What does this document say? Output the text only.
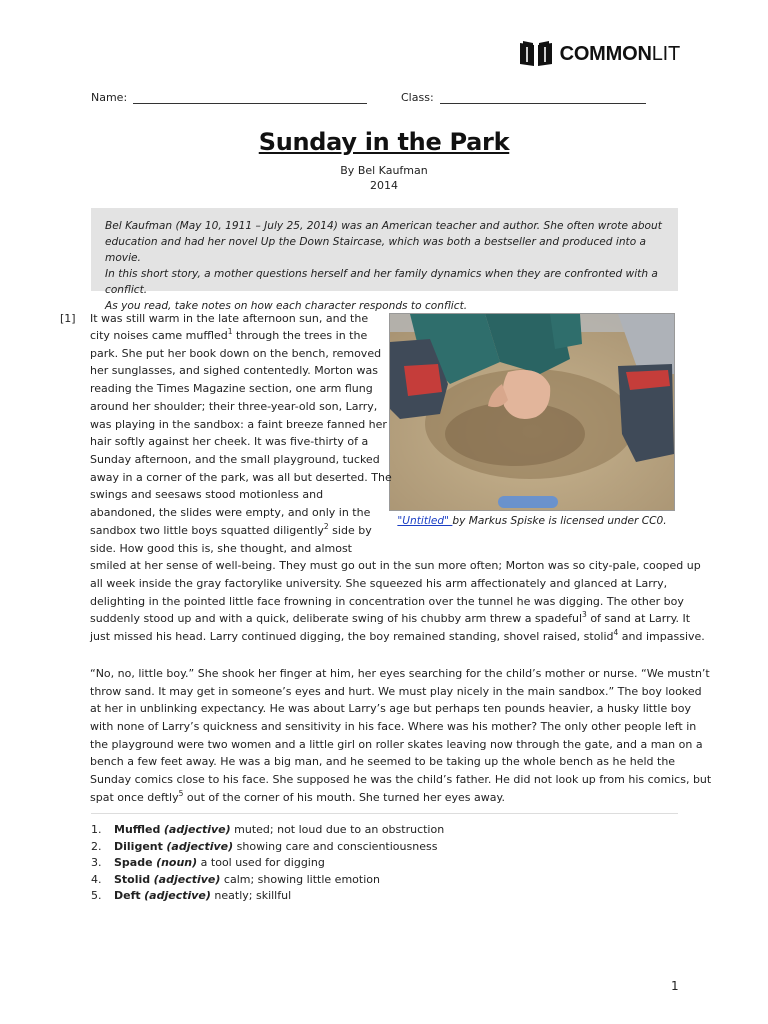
COMMONLIT
Name:	Class:
Sunday in the Park
By Bel Kaufman
2014
Bel Kaufman (May 10, 1911 – July 25, 2014) was an American teacher and author. She often wrote about
education and had her novel Up the Down Staircase, which was both a bestseller and produced into a movie.
In this short story, a mother questions herself and her family dynamics when they are confronted with a conflict.
As you read, take notes on how each character responds to conflict.
[1]
"Untitled" by Markus Spiske is licensed under CC0.
It was still warm in the late afternoon sun, and the
city noises came muffled$^1$ through the trees in the
park. She put her book down on the bench, removed
her sunglasses, and sighed contentedly. Morton was
reading the Times Magazine section, one arm flung
around her shoulder; their three-year-old son, Larry,
was playing in the sandbox: a faint breeze fanned her
hair softly against her cheek. It was five-thirty of a
Sunday afternoon, and the small playground, tucked
away in a corner of the park, was all but deserted. The
swings and seesaws stood motionless and
abandoned, the slides were empty, and only in the
sandbox two little boys squatted diligently$^2$ side by
side. How good this is, she thought, and almost
smiled at her sense of well-being. They must go out in the sun more often; Morton was so city-pale, cooped up
all week inside the gray factorylike university. She squeezed his arm affectionately and glanced at Larry,
delighting in the pointed little face frowning in concentration over the tunnel he was digging. The other boy
suddenly stood up and with a quick, deliberate swing of his chubby arm threw a spadeful$^3$ of sand at Larry. It
just missed his head. Larry continued digging, the boy remained standing, shovel raised, stolid$^4$ and impassive.
“No, no, little boy.” She shook her finger at him, her eyes searching for the child’s mother or nurse. “We mustn’t
throw sand. It may get in someone’s eyes and hurt. We must play nicely in the main sandbox.” The boy looked
at her in unblinking expectancy. He was about Larry’s age but perhaps ten pounds heavier, a husky little boy
with none of Larry’s quickness and sensitivity in his face. Where was his mother? The only other people left in
the playground were two women and a little girl on roller skates leaving now through the gate, and a man on a
bench a few feet away. He was a big man, and he seemed to be taking up the whole bench as he held the
Sunday comics close to his face. She supposed he was the child’s father. He did not look up from his comics, but
spat once deftly$^5$ out of the corner of his mouth. She turned her eyes away.
1. Muffled (adjective) muted; not loud due to an obstruction
2. Diligent (adjective) showing care and conscientiousness
3. Spade (noun) a tool used for digging
4. Stolid (adjective) calm; showing little emotion
5. Deft (adjective) neatly; skillful
1
